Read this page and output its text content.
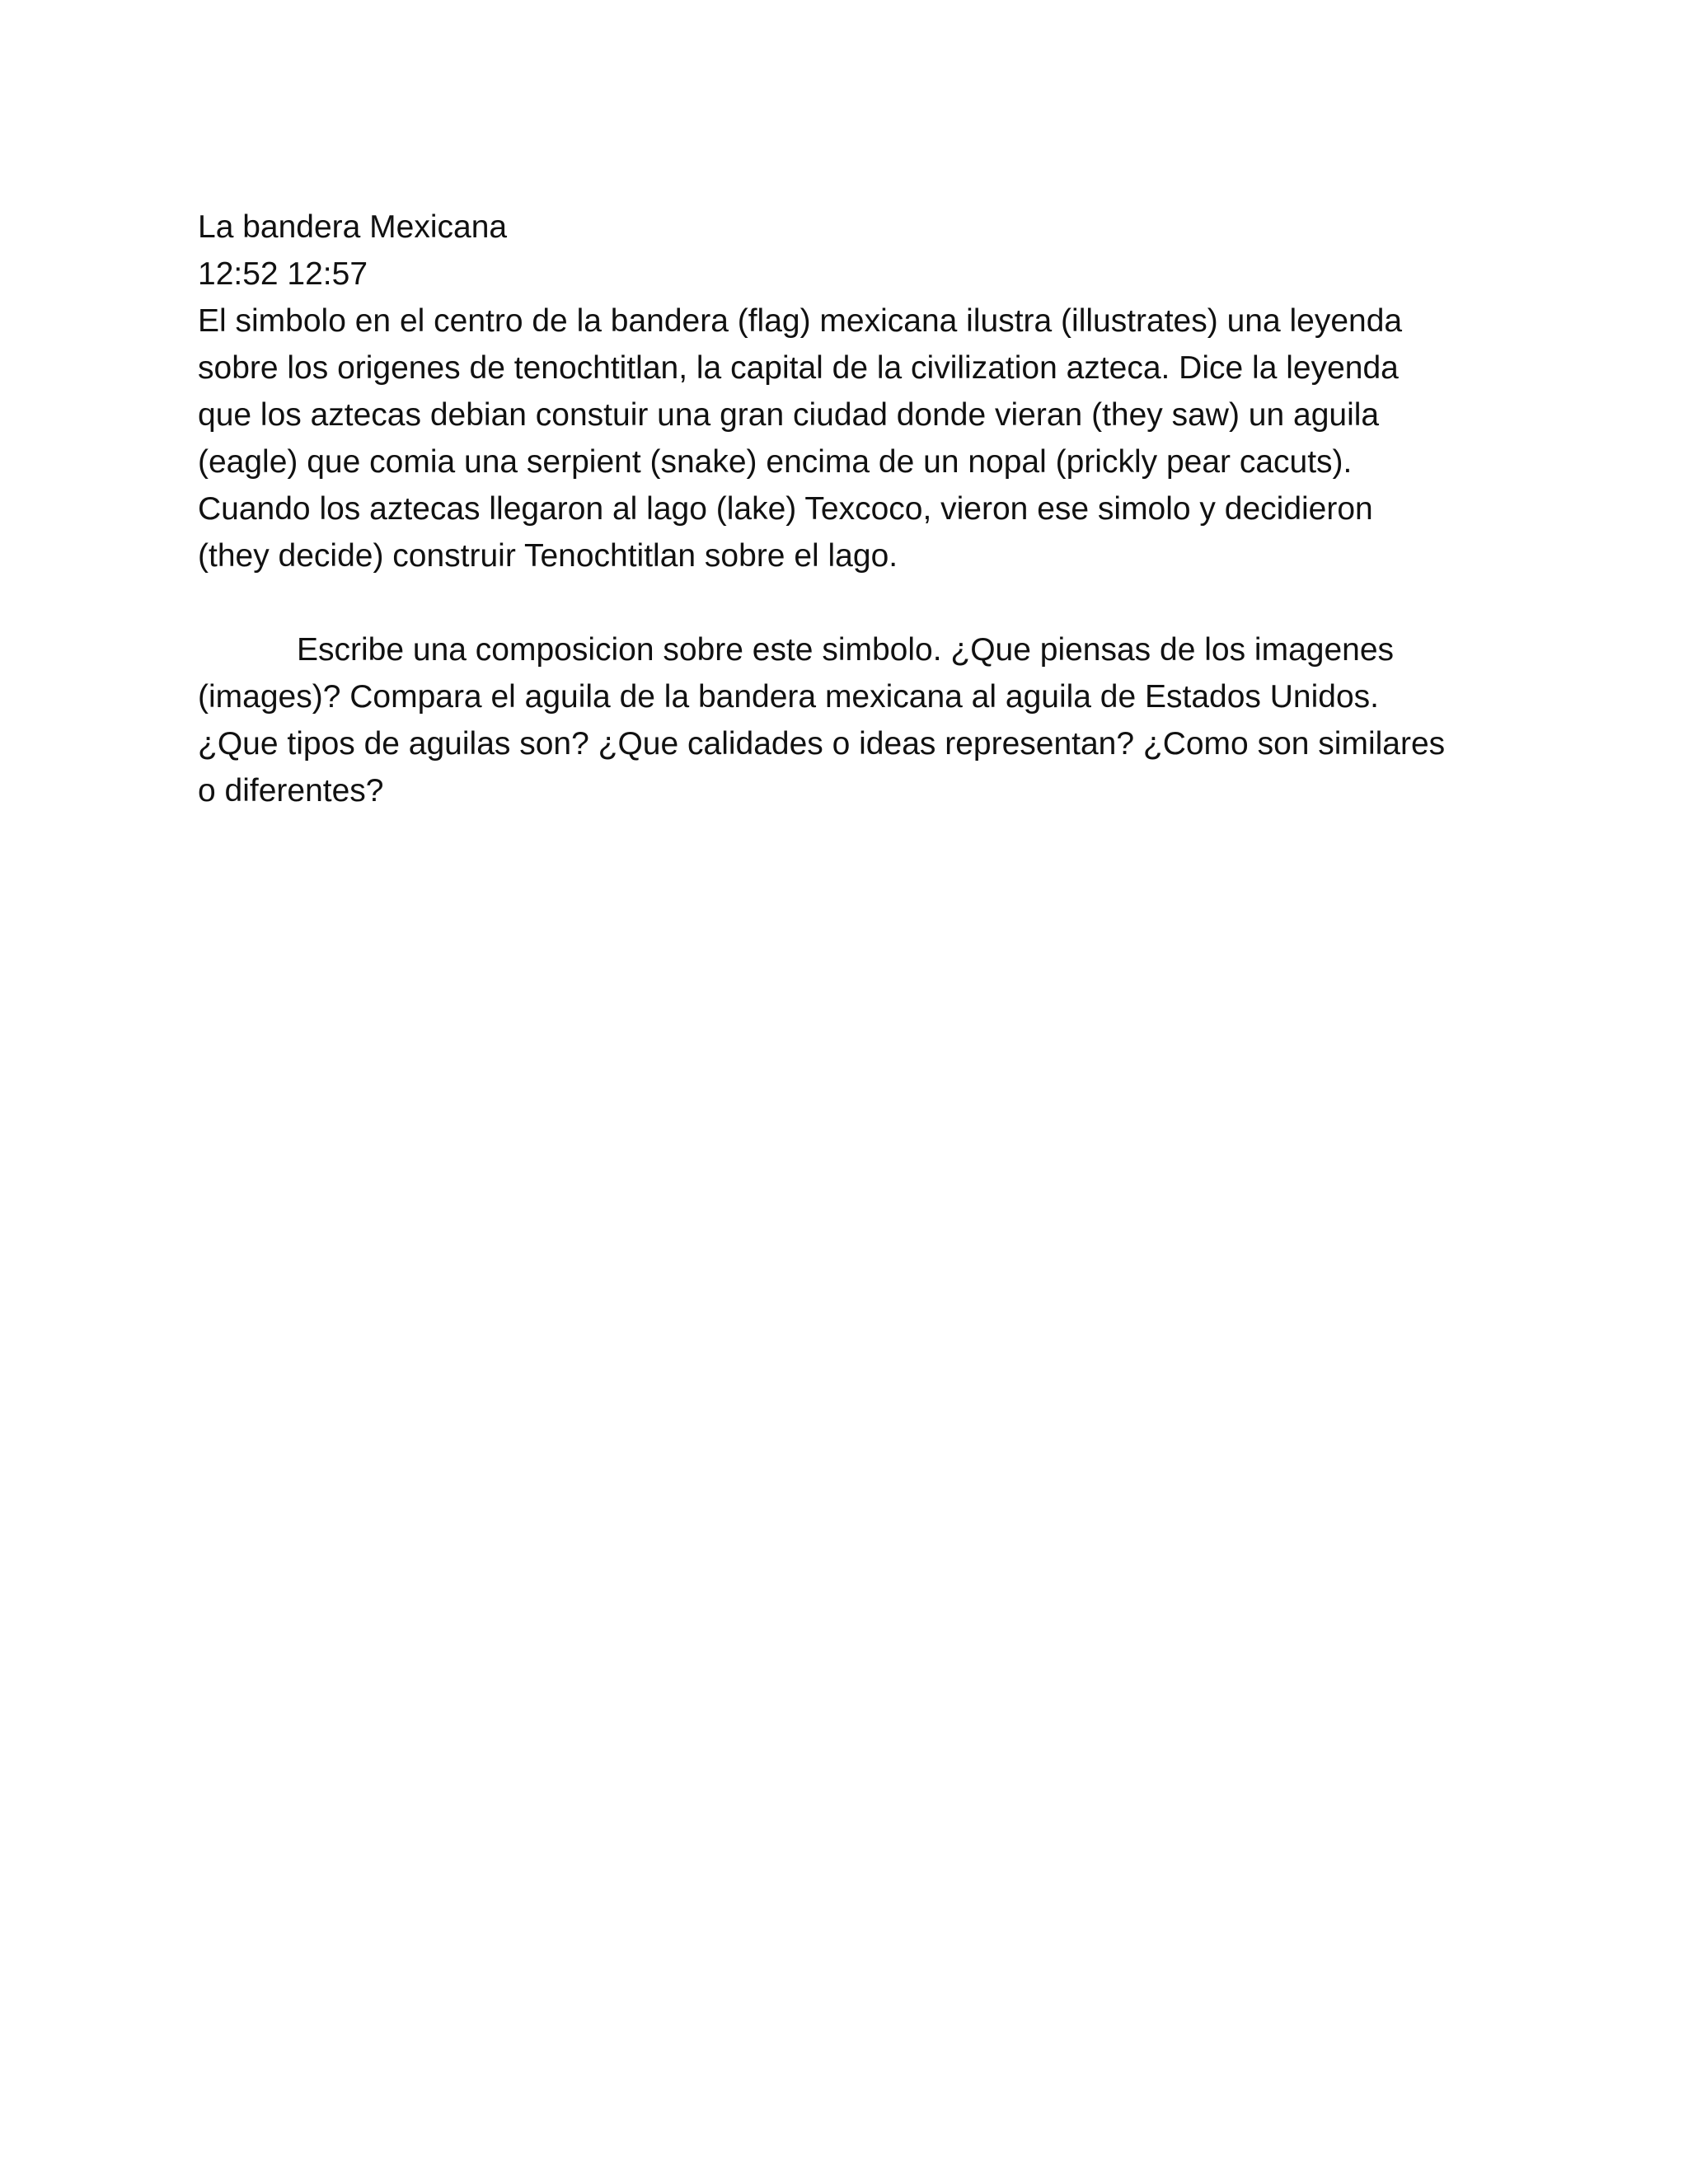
La bandera Mexicana
12:52 12:57
El simbolo en el centro de la bandera (flag) mexicana ilustra (illustrates) una leyenda
sobre los origenes de tenochtitlan, la capital de la civilization azteca. Dice la leyenda
que los aztecas debian constuir una gran ciudad donde vieran (they saw) un aguila
(eagle) que comia una serpient (snake) encima de un nopal (prickly pear cacuts).
Cuando los aztecas llegaron al lago (lake) Texcoco, vieron ese simolo y decidieron
(they decide) construir Tenochtitlan sobre el lago.
Escribe una composicion sobre este simbolo. ¿Que piensas de los imagenes
(images)? Compara el aguila de la bandera mexicana al aguila de Estados Unidos.
¿Que tipos de aguilas son? ¿Que calidades o ideas representan? ¿Como son similares
o diferentes?
